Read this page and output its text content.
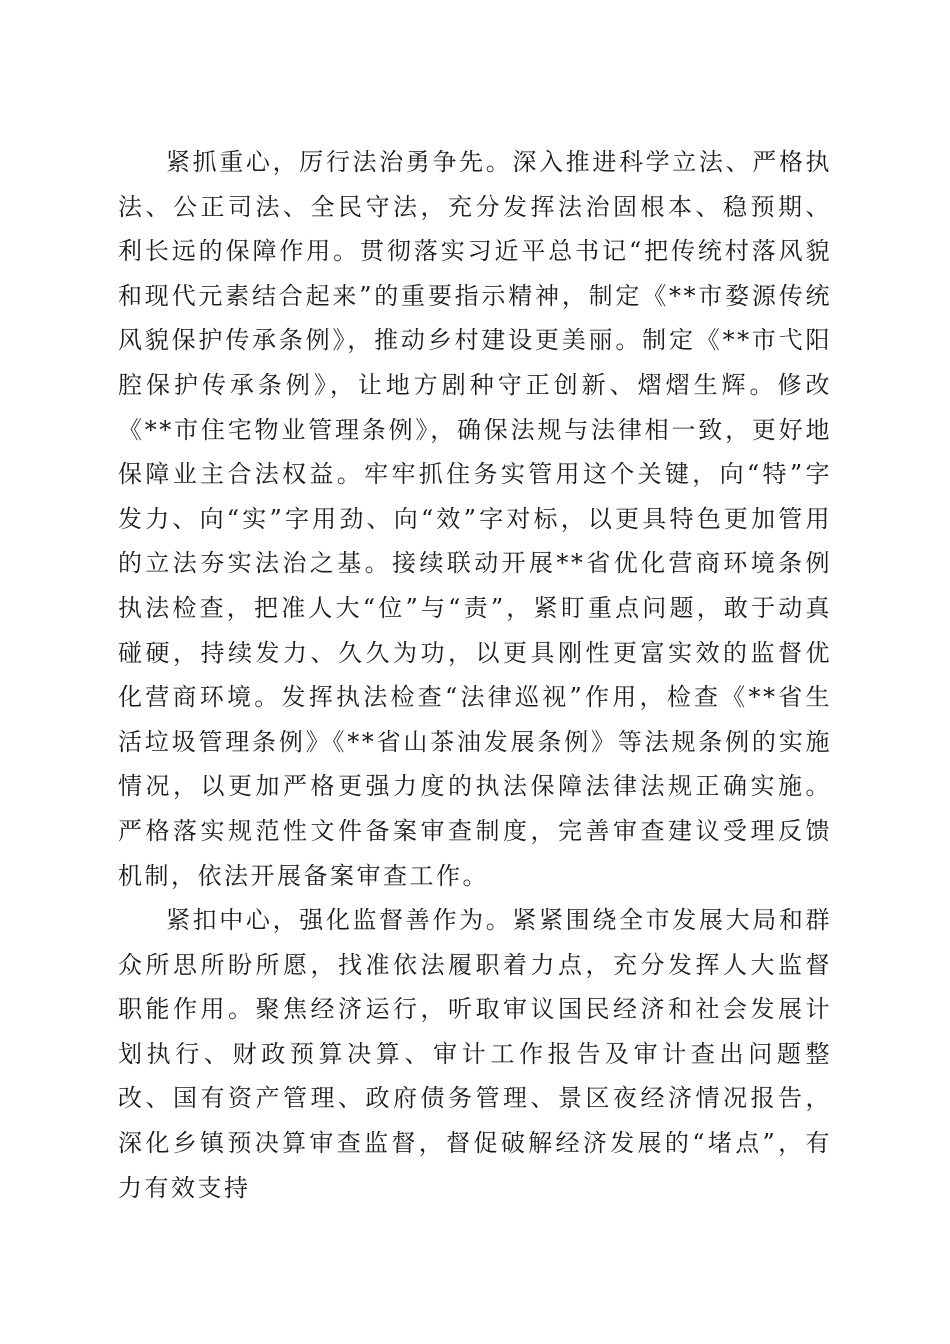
紧抓重心，厉行法治勇争先。深入推进科学立法、严格执法、公正司法、全民守法，充分发挥法治固根本、稳预期、利长远的保障作用。贯彻落实习近平总书记“把传统村落风貌和现代元素结合起来”的重要指示精神，制定《**市婺源传统风貌保护传承条例》，推动乡村建设更美丽。制定《**市弋阳腔保护传承条例》，让地方剧种守正创新、熠熠生辉。修改《**市住宅物业管理条例》，确保法规与法律相一致，更好地保障业主合法权益。牢牢抓住务实管用这个关键，向“特”字发力、向“实”字用劲、向“效”字对标，以更具特色更加管用的立法夯实法治之基。接续联动开展**省优化营商环境条例执法检查，把准人大“位”与“责”，紧盯重点问题，敢于动真碰硬，持续发力、久久为功，以更具刚性更富实效的监督优化营商环境。发挥执法检查“法律巡视”作用，检查《**省生活垃圾管理条例》《**省山茶油发展条例》等法规条例的实施情况，以更加严格更强力度的执法保障法律法规正确实施。严格落实规范性文件备案审查制度，完善审查建议受理反馈机制，依法开展备案审查工作。

紧扣中心，强化监督善作为。紧紧围绕全市发展大局和群众所思所盼所愿，找准依法履职着力点，充分发挥人大监督职能作用。聚焦经济运行，听取审议国民经济和社会发展计划执行、财政预算决算、审计工作报告及审计查出问题整改、国有资产管理、政府债务管理、景区夜经济情况报告，深化乡镇预决算审查监督，督促破解经济发展的“堵点”，有力有效支持
